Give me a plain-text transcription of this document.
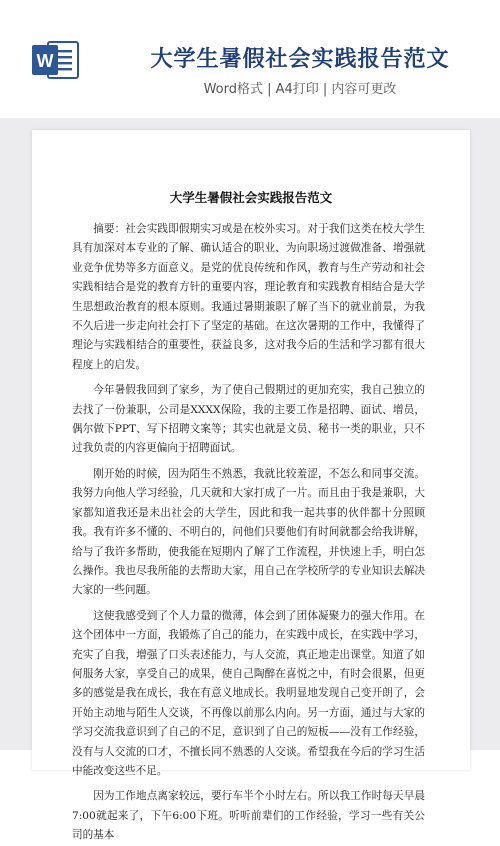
W	大学生暑假社会实践报告范文
Word格式 | A4打印 | 内容可更改
大学生暑假社会实践报告范文

摘要：社会实践即假期实习或是在校外实习。对于我们这类在校大学生具有加深对本专业的了解、确认适合的职业、为向职场过渡做准备、增强就业竞争优势等多方面意义。是党的优良传统和作风，教育与生产劳动和社会实践相结合是党的教育方针的重要内容，理论教育和实践教育相结合是大学生思想政治教育的根本原则。我通过暑期兼职了解了当下的就业前景，为我不久后进一步走向社会打下了坚定的基础。在这次暑期的工作中，我懂得了理论与实践相结合的重要性，获益良多，这对我今后的生活和学习都有很大程度上的启发。

今年暑假我回到了家乡，为了使自己假期过的更加充实，我自己独立的去找了一份兼职，公司是XXXX保险，我的主要工作是招聘、面试、增员，偶尔做下PPT、写下招聘文案等；其实也就是文员、秘书一类的职业，只不过我负责的内容更偏向于招聘面试。

刚开始的时候，因为陌生不熟悉，我就比较羞涩，不怎么和同事交流。我努力向他人学习经验，几天就和大家打成了一片。而且由于我是兼职，大家都知道我还是未出社会的大学生，因此和我一起共事的伙伴都十分照顾我。我有许多不懂的、不明白的，问他们只要他们有时间就都会给我讲解，给与了我许多帮助，使我能在短期内了解了工作流程，并快速上手，明白怎么操作。我也尽我所能的去帮助大家，用自己在学校所学的专业知识去解决大家的一些问题。

这使我感受到了个人力量的微薄，体会到了团体凝聚力的强大作用。在这个团体中一方面，我锻炼了自己的能力，在实践中成长，在实践中学习，充实了自我，增强了口头表述能力，与人交流，真正地走出课堂。知道了如何服务大家，享受自己的成果，使自己陶醉在喜悦之中，有时会很累，但更多的感觉是我在成长，我在有意义地成长。我明显地发现自己变开朗了，会开始主动地与陌生人交谈，不再像以前那么内向。另一方面，通过与大家的学习交流我意识到了自己的不足，意识到了自己的短板——没有工作经验，没有与人交流的口才，不擅长同不熟悉的人交谈。希望我在今后的学习生活中能改变这些不足。

因为工作地点离家较远，要行车半个小时左右。所以我工作时每天早晨7:00就起来了，下午6:00下班。听听前辈们的工作经验，学习一些有关公司的基本
